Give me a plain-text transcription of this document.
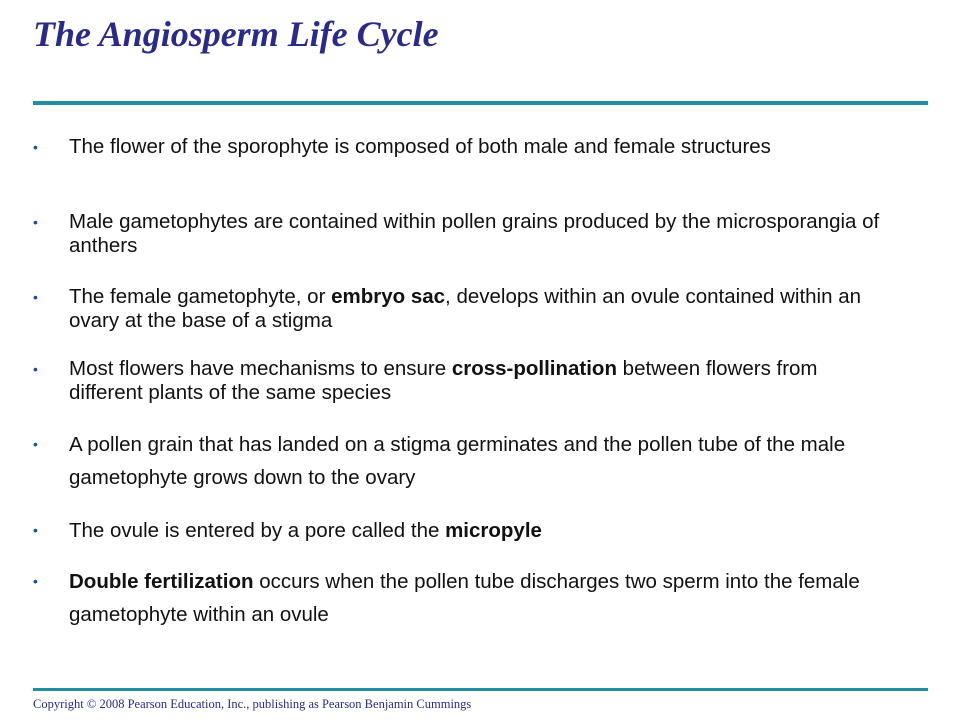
The Angiosperm Life Cycle
•	The flower of the sporophyte is composed of both male and female structures
•	Male gametophytes are contained within pollen grains produced by the microsporangia of anthers
•	The female gametophyte, or embryo sac, develops within an ovule contained within an ovary at the base of a stigma
•	Most flowers have mechanisms to ensure cross-pollination between flowers from different plants of the same species
•	A pollen grain that has landed on a stigma germinates and the pollen tube of the male gametophyte grows down to the ovary
•	The ovule is entered by a pore called the micropyle
•	Double fertilization occurs when the pollen tube discharges two sperm into the female gametophyte within an ovule

Copyright © 2008 Pearson Education, Inc., publishing as Pearson Benjamin Cummings
